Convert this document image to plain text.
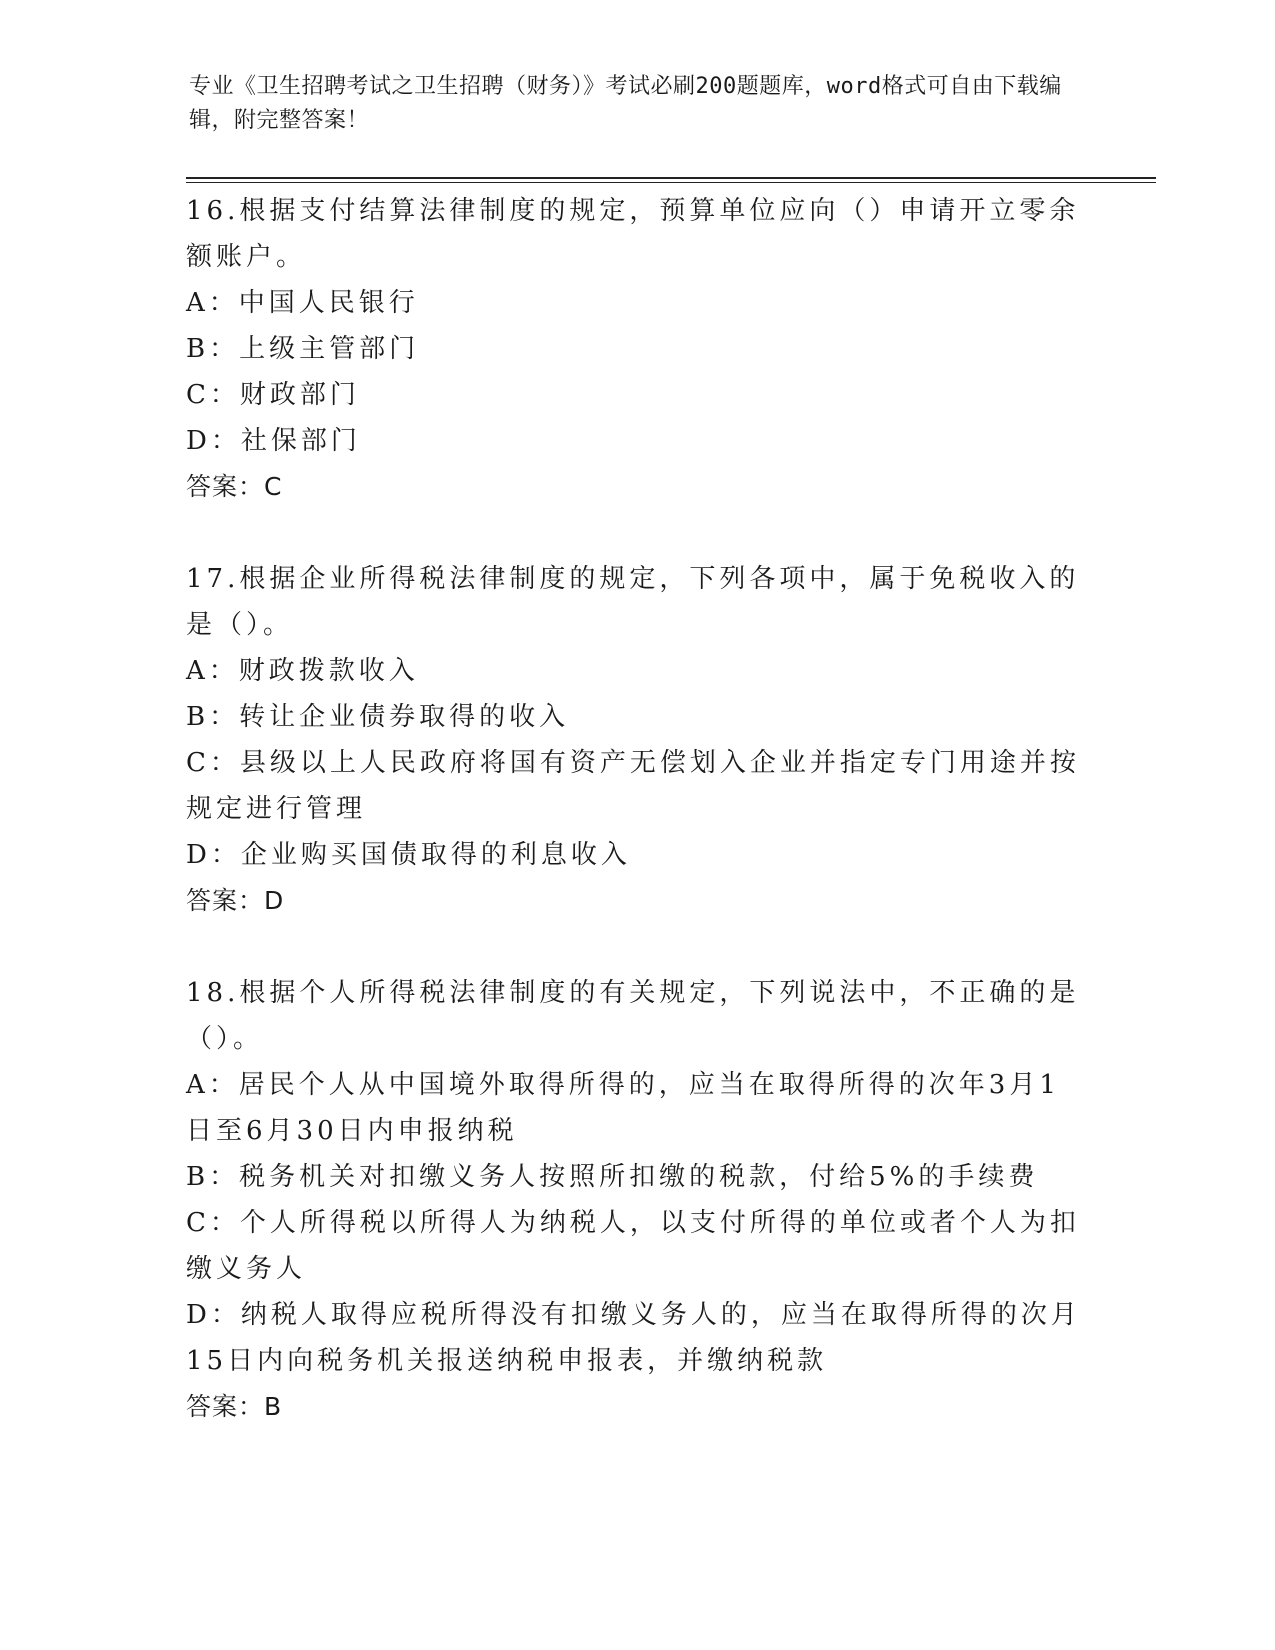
专业《卫生招聘考试之卫生招聘（财务）》考试必刷200题题库，word格式可自由下载编辑，附完整答案！
16.根据支付结算法律制度的规定，预算单位应向（）申请开立零余额账户。
A：中国人民银行
B：上级主管部门
C：财政部门
D：社保部门
答案：C
17.根据企业所得税法律制度的规定，下列各项中，属于免税收入的是（）。
A：财政拨款收入
B：转让企业债券取得的收入
C：县级以上人民政府将国有资产无偿划入企业并指定专门用途并按规定进行管理
D：企业购买国债取得的利息收入
答案：D
18.根据个人所得税法律制度的有关规定，下列说法中，不正确的是（）。
A：居民个人从中国境外取得所得的，应当在取得所得的次年3月1日至6月30日内申报纳税
B：税务机关对扣缴义务人按照所扣缴的税款，付给5%的手续费
C：个人所得税以所得人为纳税人，以支付所得的单位或者个人为扣缴义务人
D：纳税人取得应税所得没有扣缴义务人的，应当在取得所得的次月15日内向税务机关报送纳税申报表，并缴纳税款
答案：B
